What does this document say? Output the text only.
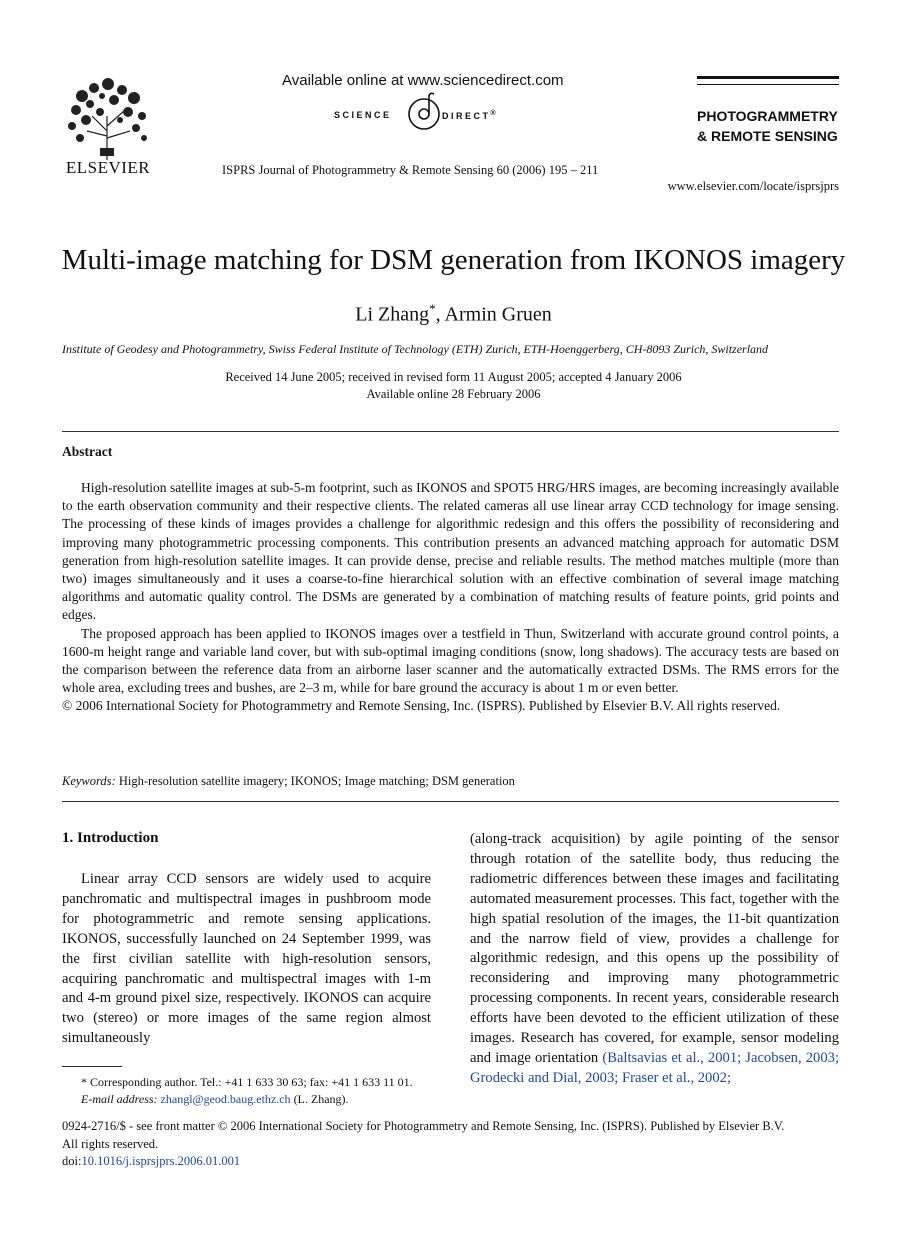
ELSEVIER
Available online at www.sciencedirect.com
SCIENCE	DIRECT®
ISPRS Journal of Photogrammetry & Remote Sensing 60 (2006) 195 – 211
PHOTOGRAMMETRY
& REMOTE SENSING
www.elsevier.com/locate/isprsjprs
Multi-image matching for DSM generation from IKONOS imagery
Li Zhang*, Armin Gruen
Institute of Geodesy and Photogrammetry, Swiss Federal Institute of Technology (ETH) Zurich, ETH-Hoenggerberg, CH-8093 Zurich, Switzerland
Received 14 June 2005; received in revised form 11 August 2005; accepted 4 January 2006
Available online 28 February 2006
Abstract

High-resolution satellite images at sub-5-m footprint, such as IKONOS and SPOT5 HRG/HRS images, are becoming increasingly available to the earth observation community and their respective clients. The related cameras all use linear array CCD technology for image sensing. The processing of these kinds of images provides a challenge for algorithmic redesign and this offers the possibility of reconsidering and improving many photogrammetric processing components. This contribution presents an advanced matching approach for automatic DSM generation from high-resolution satellite images. It can provide dense, precise and reliable results. The method matches multiple (more than two) images simultaneously and it uses a coarse-to-fine hierarchical solution with an effective combination of several image matching algorithms and automatic quality control. The DSMs are generated by a combination of matching results of feature points, grid points and edges.

The proposed approach has been applied to IKONOS images over a testfield in Thun, Switzerland with accurate ground control points, a 1600-m height range and variable land cover, but with sub-optimal imaging conditions (snow, long shadows). The accuracy tests are based on the comparison between the reference data from an airborne laser scanner and the automatically extracted DSMs. The RMS errors for the whole area, excluding trees and bushes, are 2–3 m, while for bare ground the accuracy is about 1 m or even better.

© 2006 International Society for Photogrammetry and Remote Sensing, Inc. (ISPRS). Published by Elsevier B.V. All rights reserved.

Keywords: High-resolution satellite imagery; IKONOS; Image matching; DSM generation
1. Introduction

Linear array CCD sensors are widely used to acquire panchromatic and multispectral images in pushbroom mode for photogrammetric and remote sensing applications. IKONOS, successfully launched on 24 September 1999, was the first civilian satellite with high-resolution sensors, acquiring panchromatic and multispectral images with 1-m and 4-m ground pixel size, respectively. IKONOS can acquire two (stereo) or more images of the same region almost simultaneously

(along-track acquisition) by agile pointing of the sensor through rotation of the satellite body, thus reducing the radiometric differences between these images and facilitating automated measurement processes. This fact, together with the high spatial resolution of the images, the 11-bit quantization and the narrow field of view, provides a challenge for algorithmic redesign, and this opens up the possibility of reconsidering and improving many photogrammetric processing components. In recent years, considerable research efforts have been devoted to the efficient utilization of these images. Research has covered, for example, sensor modeling and image orientation (Baltsavias et al., 2001; Jacobsen, 2003; Grodecki and Dial, 2003; Fraser et al., 2002;

* Corresponding author. Tel.: +41 1 633 30 63; fax: +41 1 633 11 01.
E-mail address: zhangl@geod.baug.ethz.ch (L. Zhang).
0924-2716/$ - see front matter © 2006 International Society for Photogrammetry and Remote Sensing, Inc. (ISPRS). Published by Elsevier B.V.
All rights reserved.
doi:10.1016/j.isprsjprs.2006.01.001
